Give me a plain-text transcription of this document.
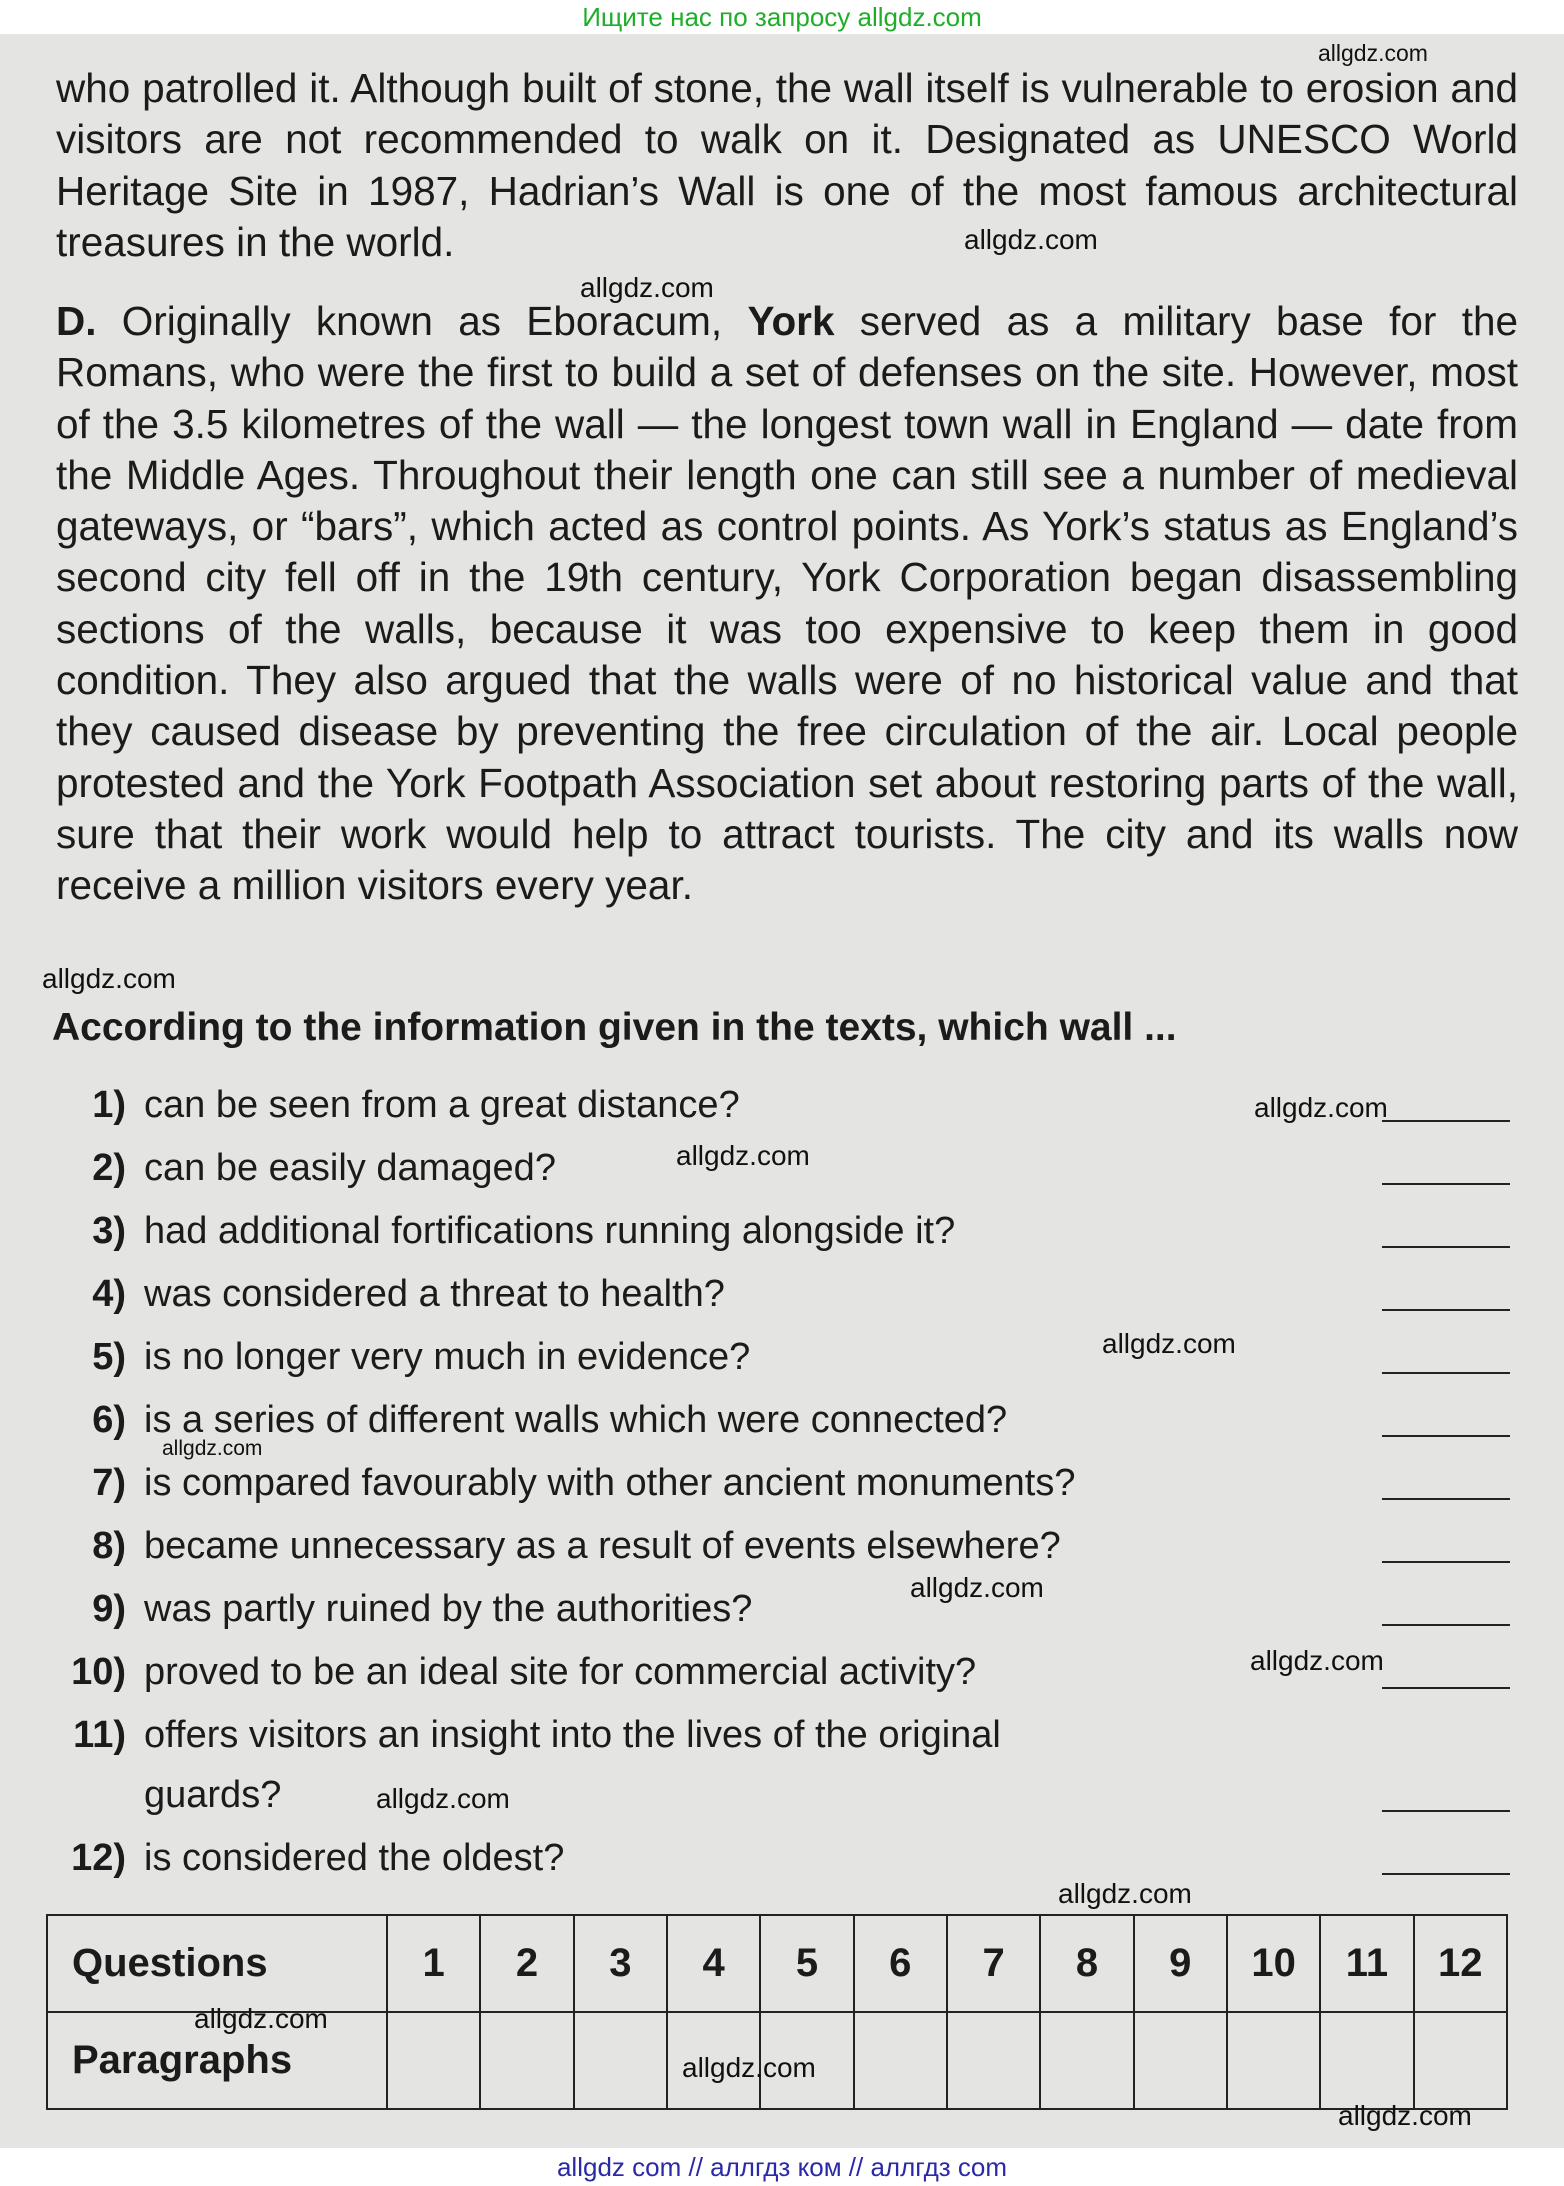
Ищите нас по запросу allgdz.com
allgdz.com

who patrolled it. Although built of stone, the wall itself is vulnerable to erosion and visitors are not recommended to walk on it. Designated as UNESCO World Heritage Site in 1987, Hadrian’s Wall is one of the most famous architectural treasures in the world.	allgdz.com
allgdz.com

D. Originally known as Eboracum, York served as a military base for the Romans, who were the first to build a set of defenses on the site. However, most of the 3.5 kilometres of the wall — the longest town wall in England — date from the Middle Ages. Throughout their length one can still see a number of medieval gateways, or “bars”, which acted as control points. As York’s status as England’s second city fell off in the 19th century, York Corporation began disassembling sections of the walls, because it was too expensive to keep them in good condition. They also argued that the walls were of no historical value and that they caused disease by preventing the free circulation of the air. Local people protested and the York Footpath Association set about restoring parts of the wall, sure that their work would help to attract tourists. The city and its walls now receive a million visitors every year.

allgdz.com
According to the information given in the texts, which wall ...
1) can be seen from a great distance?
2) can be easily damaged?
3) had additional fortifications running alongside it?
4) was considered a threat to health?
5) is no longer very much in evidence?
6) is a series of different walls which were connected?
7) is compared favourably with other ancient monuments?
8) became unnecessary as a result of events elsewhere?
9) was partly ruined by the authorities?
10) proved to be an ideal site for commercial activity?
11) offers visitors an insight into the lives of the original
guards?
12) is considered the oldest?
allgdz.com
allgdz.com
allgdz.com
allgdz.com
allgdz.com
allgdz.com
allgdz.com
allgdz.com
Questions	1	2	3	4	5	6	7	8	9	10	11	12
Paragraphs												
allgdz.com
allgdz.com
allgdz.com
allgdz com // аллгдз ком // аллгдз com
